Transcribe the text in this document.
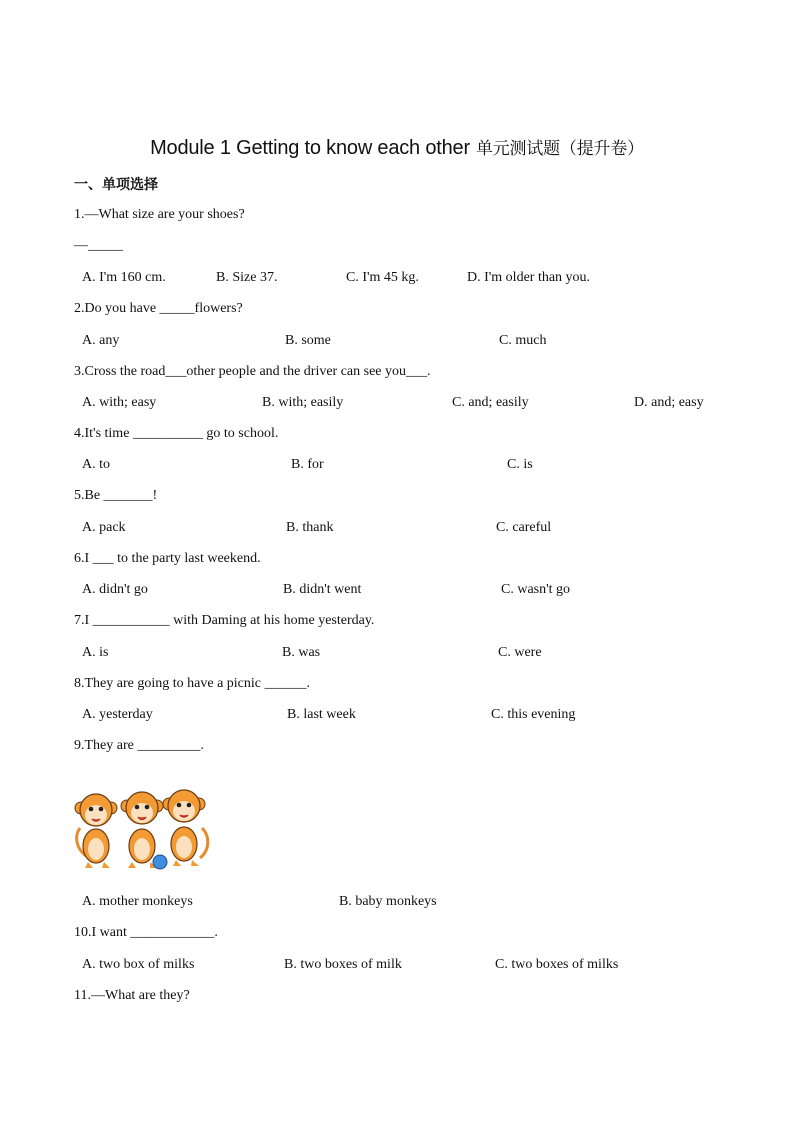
Module 1 Getting to know each other 单元测试题（提升卷）
一、单项选择
1.—What size are your shoes?
—_____
A. I'm 160 cm.	B. Size 37.	C. I'm 45 kg.	D. I'm older than you.
2.Do you have _____flowers?
A. any	B. some	C. much
3.Cross the road___other people and the driver can see you___.
A. with; easy	B. with; easily	C. and; easily	D. and; easy
4.It's time __________ go to school.
A. to	B. for	C. is
5.Be _______!
A. pack	B. thank	C. careful
6.I ___ to the party last weekend.
A. didn't go	B. didn't went	C. wasn't go
7.I ___________ with Daming at his home yesterday.
A. is	B. was	C. were
8.They are going to have a picnic ______.
A. yesterday	B. last week	C. this evening
9.They are _________.
A. mother monkeys	B. baby monkeys
10.I want ____________.
A. two box of milks	B. two boxes of milk	C. two boxes of milks
11.—What are they?
